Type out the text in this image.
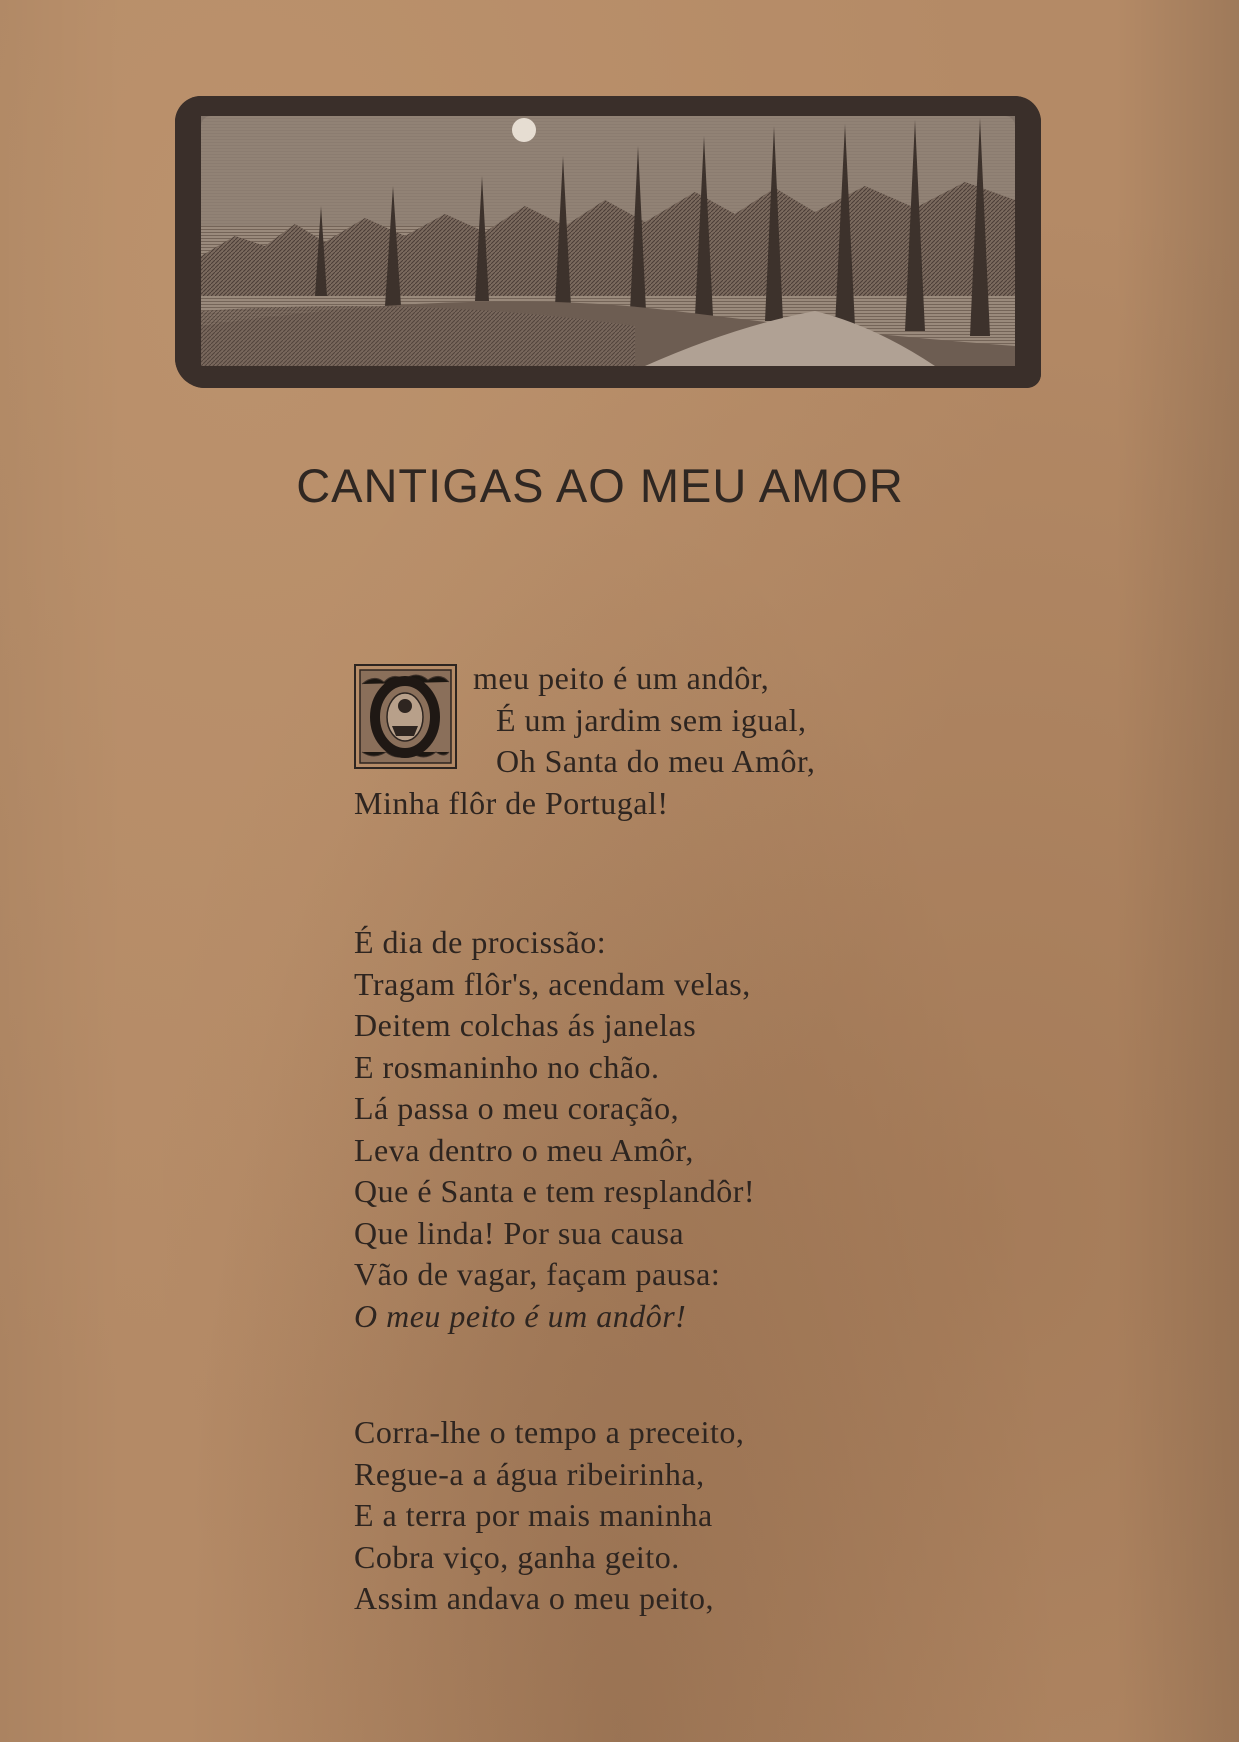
CANTIGAS AO MEU AMOR
meu peito é um andôr,
É um jardim sem igual,
Oh Santa do meu Amôr,
Minha flôr de Portugal!
É dia de procissão:
Tragam flôr's, acendam velas,
Deitem colchas ás janelas
E rosmaninho no chão.
Lá passa o meu coração,
Leva dentro o meu Amôr,
Que é Santa e tem resplandôr!
Que linda! Por sua causa
Vão de vagar, façam pausa:
O meu peito é um andôr!
Corra-lhe o tempo a preceito,
Regue-a a água ribeirinha,
E a terra por mais maninha
Cobra viço, ganha geito.
Assim andava o meu peito,
